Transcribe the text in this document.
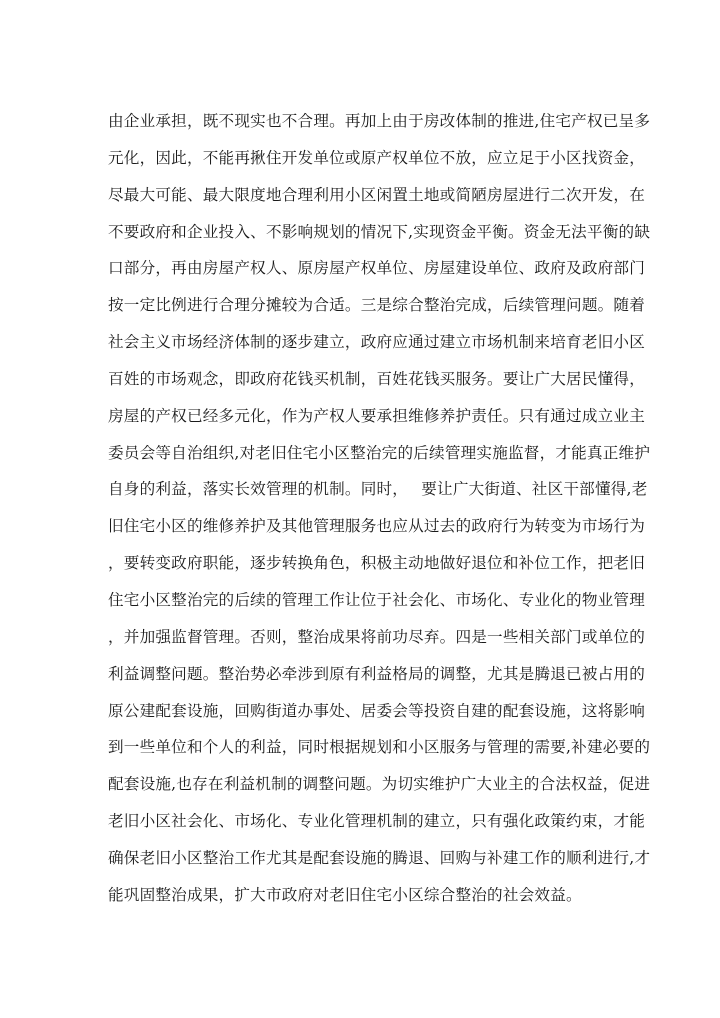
由企业承担，既不现实也不合理。再加上由于房改体制的推进,住宅产权已呈多
元化，因此，不能再揪住开发单位或原产权单位不放，应立足于小区找资金，
尽最大可能、最大限度地合理利用小区闲置土地或简陋房屋进行二次开发，在
不要政府和企业投入、不影响规划的情况下,实现资金平衡。资金无法平衡的缺
口部分，再由房屋产权人、原房屋产权单位、房屋建设单位、政府及政府部门
按一定比例进行合理分摊较为合适。三是综合整治完成，后续管理问题。随着
社会主义市场经济体制的逐步建立，政府应通过建立市场机制来培育老旧小区
百姓的市场观念，即政府花钱买机制，百姓花钱买服务。要让广大居民懂得，
房屋的产权已经多元化，作为产权人要承担维修养护责任。只有通过成立业主
委员会等自治组织,对老旧住宅小区整治完的后续管理实施监督，才能真正维护
自身的利益，落实长效管理的机制。同时，　 要让广大街道、社区干部懂得,老
旧住宅小区的维修养护及其他管理服务也应从过去的政府行为转变为市场行为
，要转变政府职能，逐步转换角色，积极主动地做好退位和补位工作，把老旧
住宅小区整治完的后续的管理工作让位于社会化、市场化、专业化的物业管理
，并加强监督管理。否则，整治成果将前功尽弃。四是一些相关部门或单位的
利益调整问题。整治势必牵涉到原有利益格局的调整，尤其是腾退已被占用的
原公建配套设施，回购街道办事处、居委会等投资自建的配套设施，这将影响
到一些单位和个人的利益，同时根据规划和小区服务与管理的需要,补建必要的
配套设施,也存在利益机制的调整问题。为切实维护广大业主的合法权益，促进
老旧小区社会化、市场化、专业化管理机制的建立，只有强化政策约束，才能
确保老旧小区整治工作尤其是配套设施的腾退、回购与补建工作的顺利进行,才
能巩固整治成果，扩大市政府对老旧住宅小区综合整治的社会效益。
